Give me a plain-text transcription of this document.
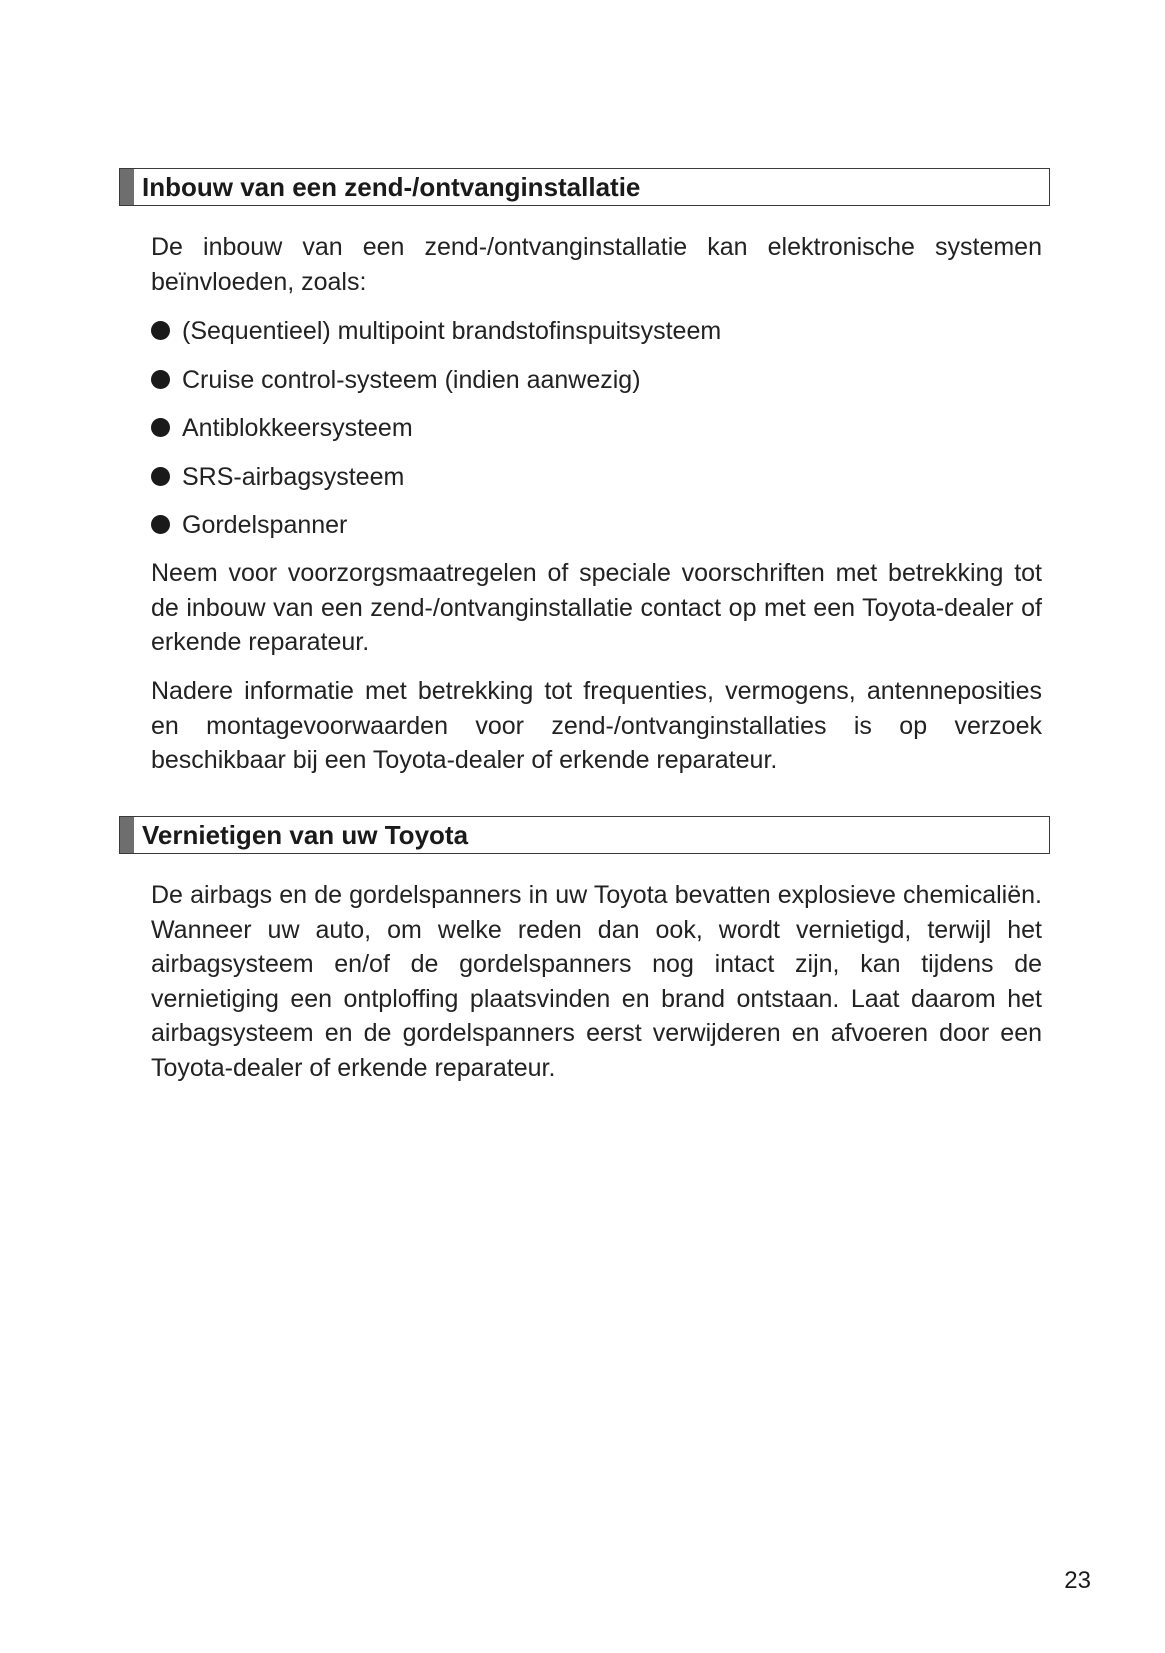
Inbouw van een zend-/ontvanginstallatie

De inbouw van een zend-/ontvanginstallatie kan elektronische systemen beïnvloeden, zoals:

(Sequentieel) multipoint brandstofinspuitsysteem
Cruise control-systeem (indien aanwezig)
Antiblokkeersysteem
SRS-airbagsysteem
Gordelspanner

Neem voor voorzorgsmaatregelen of speciale voorschriften met betrekking tot de inbouw van een zend-/ontvanginstallatie contact op met een Toyota-dealer of erkende reparateur.

Nadere informatie met betrekking tot frequenties, vermogens, antenneposities en montagevoorwaarden voor zend-/ontvanginstallaties is op verzoek beschikbaar bij een Toyota-dealer of erkende reparateur.

Vernietigen van uw Toyota

De airbags en de gordelspanners in uw Toyota bevatten explosieve chemicaliën. Wanneer uw auto, om welke reden dan ook, wordt vernietigd, terwijl het airbagsysteem en/of de gordelspanners nog intact zijn, kan tijdens de vernietiging een ontploffing plaatsvinden en brand ontstaan. Laat daarom het airbagsysteem en de gordelspanners eerst verwijderen en afvoeren door een Toyota-dealer of erkende reparateur.

23
